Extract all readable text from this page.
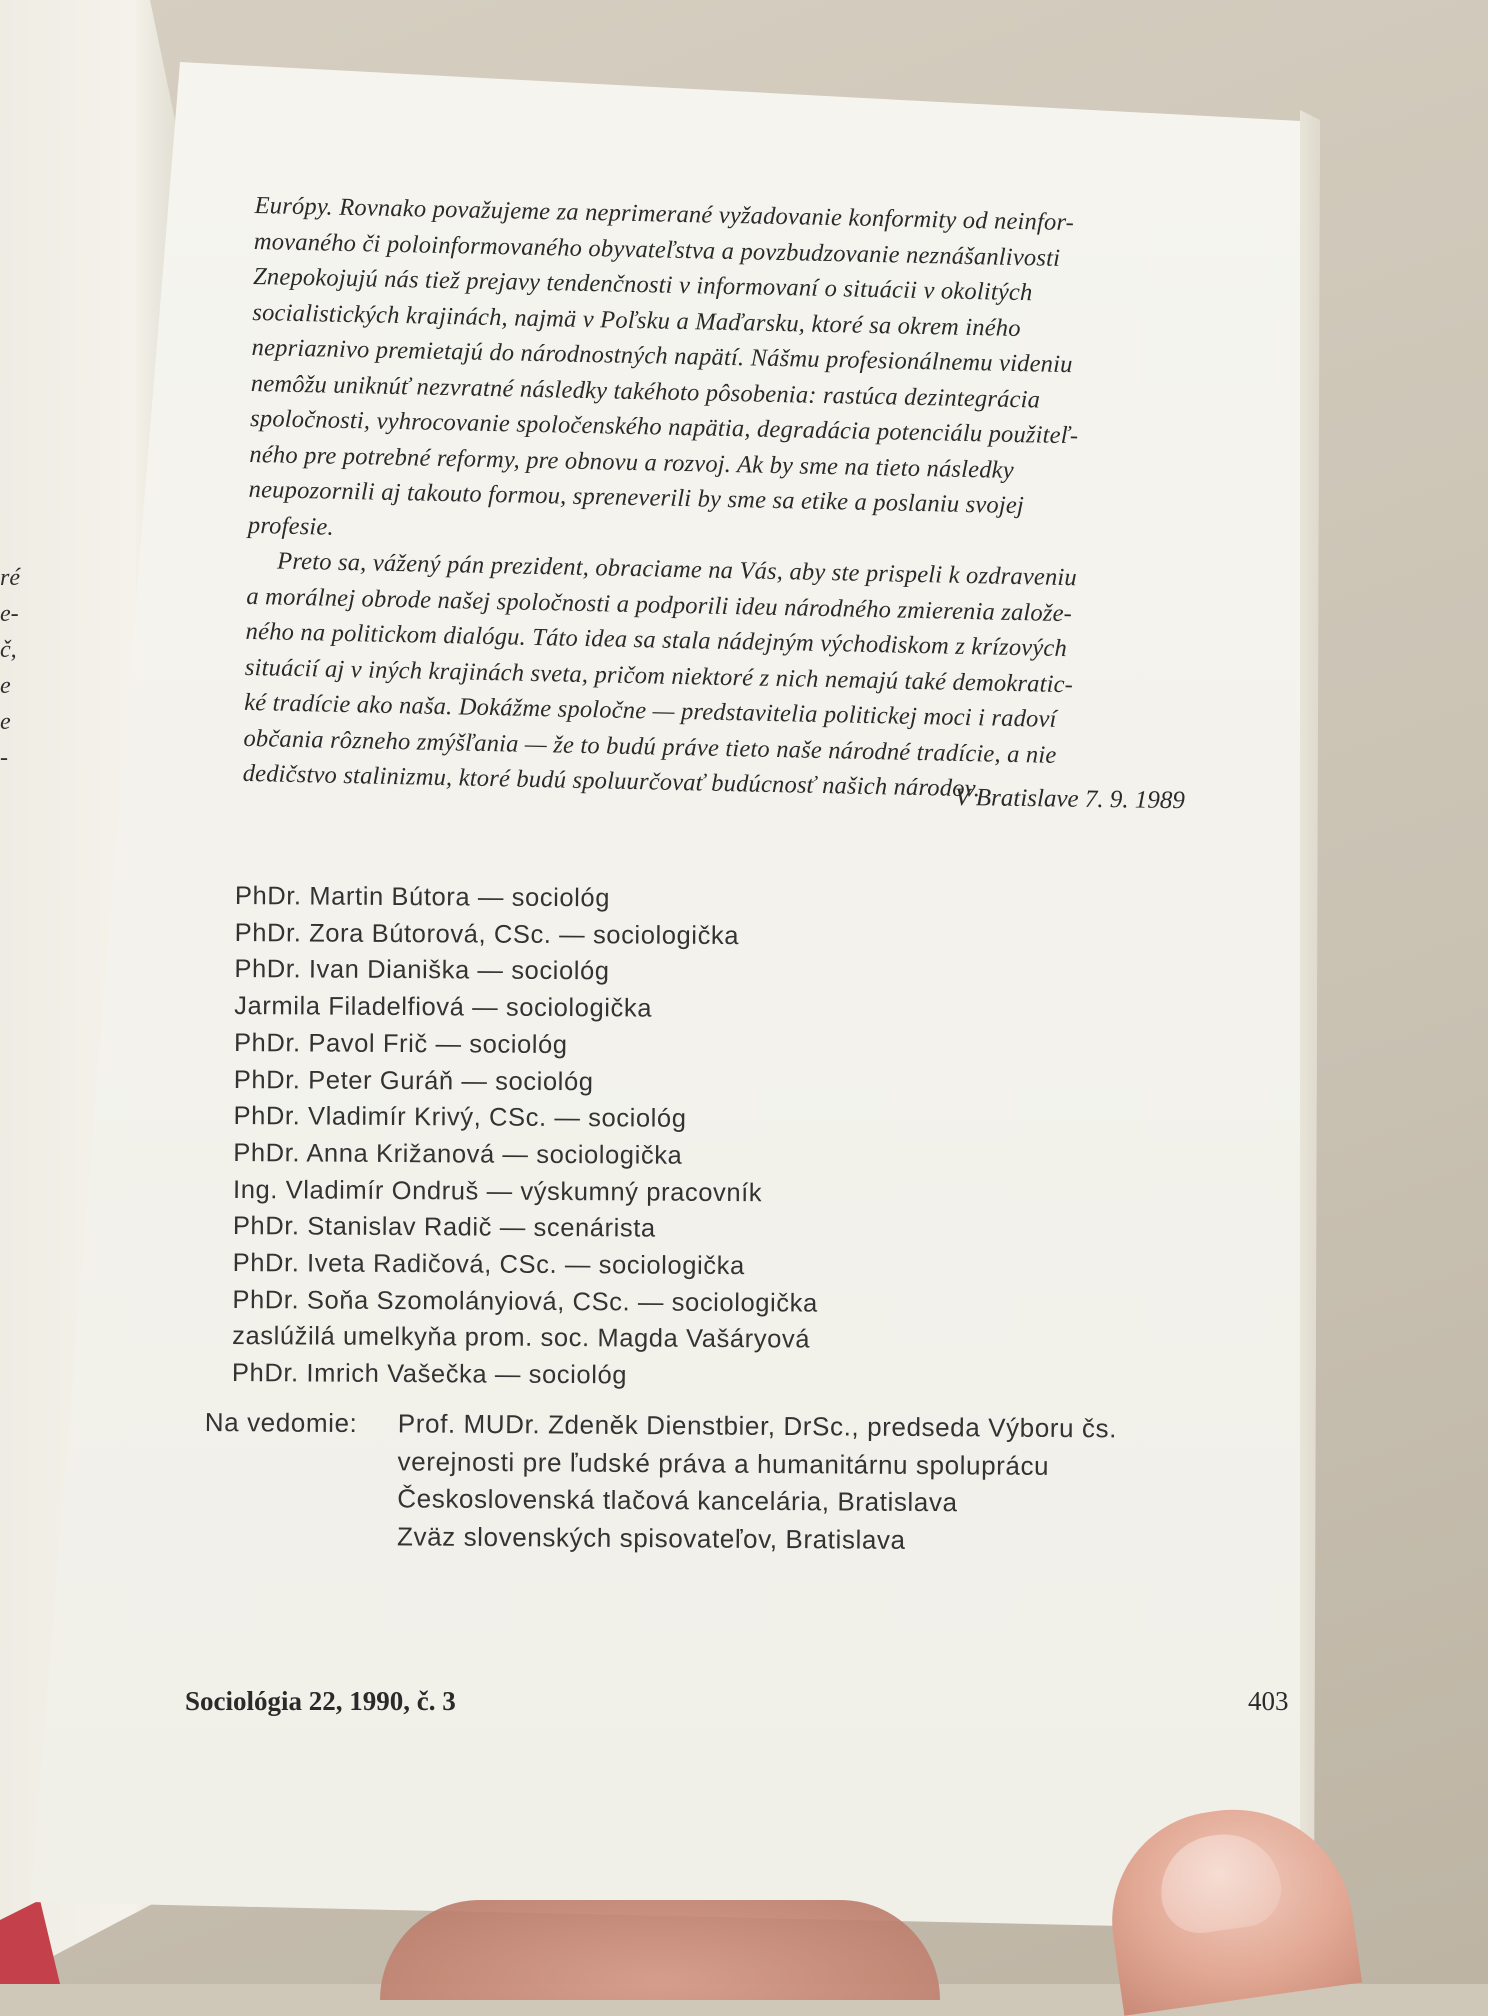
ré
e-
č,
e
e
-

Európy. Rovnako považujeme za neprimerané vyžadovanie konformity od neinfor-
movaného či poloinformovaného obyvateľstva a povzbudzovanie neznášanlivosti
Znepokojujú nás tiež prejavy tendenčnosti v informovaní o situácii v okolitých
socialistických krajinách, najmä v Poľsku a Maďarsku, ktoré sa okrem iného
nepriaznivo premietajú do národnostných napätí. Nášmu profesionálnemu videniu
nemôžu uniknúť nezvratné následky takéhoto pôsobenia: rastúca dezintegrácia
spoločnosti, vyhrocovanie spoločenského napätia, degradácia potenciálu použiteľ-
ného pre potrebné reformy, pre obnovu a rozvoj. Ak by sme na tieto následky
neupozornili aj takouto formou, spreneverili by sme sa etike a poslaniu svojej
profesie.

Preto sa, vážený pán prezident, obraciame na Vás, aby ste prispeli k ozdraveniu
a morálnej obrode našej spoločnosti a podporili ideu národného zmierenia založe-
ného na politickom dialógu. Táto idea sa stala nádejným východiskom z krízových
situácií aj v iných krajinách sveta, pričom niektoré z nich nemajú také demokratic-
ké tradície ako naša. Dokážme spoločne — predstavitelia politickej moci i radoví
občania rôzneho zmýšľania — že to budú práve tieto naše národné tradície, a nie
dedičstvo stalinizmu, ktoré budú spoluurčovať budúcnosť našich národov.

V Bratislave 7. 9. 1989
PhDr. Martin Bútora — sociológ
PhDr. Zora Bútorová, CSc. — sociologička
PhDr. Ivan Dianiška — sociológ
Jarmila Filadelfiová — sociologička
PhDr. Pavol Frič — sociológ
PhDr. Peter Guráň — sociológ
PhDr. Vladimír Krivý, CSc. — sociológ
PhDr. Anna Križanová — sociologička
Ing. Vladimír Ondruš — výskumný pracovník
PhDr. Stanislav Radič — scenárista
PhDr. Iveta Radičová, CSc. — sociologička
PhDr. Soňa Szomolányiová, CSc. — sociologička
zaslúžilá umelkyňa prom. soc. Magda Vašáryová
PhDr. Imrich Vašečka — sociológ
Na vedomie: Prof. MUDr. Zdeněk Dienstbier, DrSc., predseda Výboru čs.
verejnosti pre ľudské práva a humanitárnu spoluprácu
Československá tlačová kancelária, Bratislava
Zväz slovenských spisovateľov, Bratislava
Sociológia 22, 1990, č. 3	403
